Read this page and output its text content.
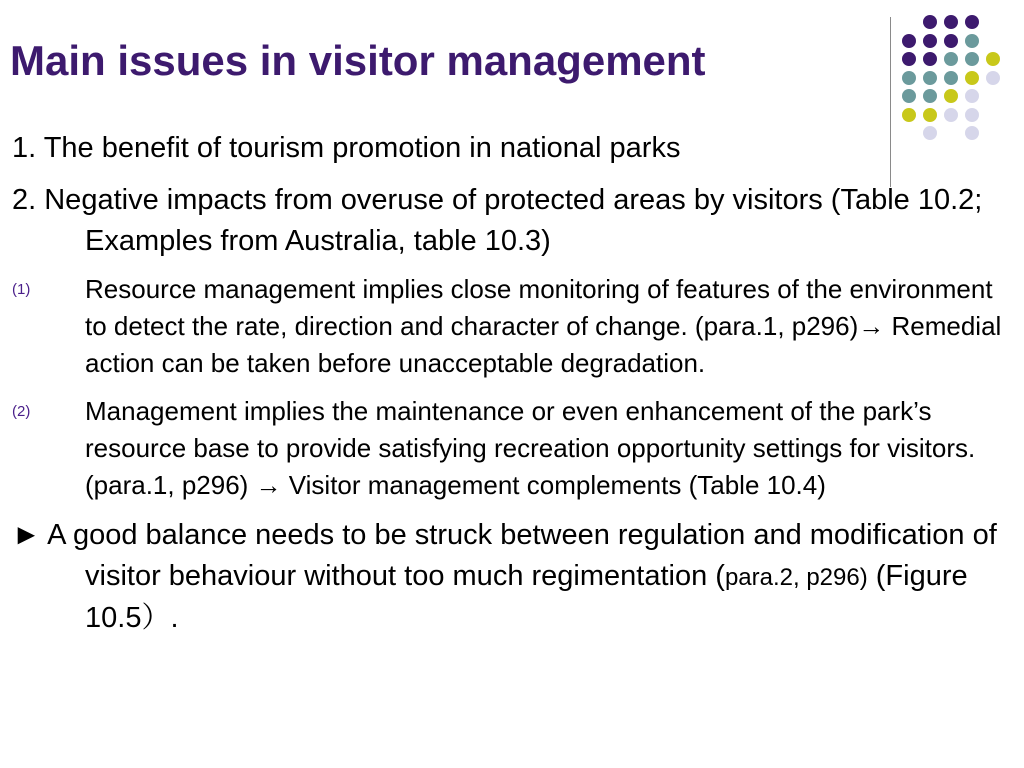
Main issues in visitor management
1. The benefit of tourism promotion in national parks
2. Negative impacts from overuse of protected areas by visitors (Table 10.2; Examples from Australia, table 10.3)
(1) Resource management implies close monitoring of features of the environment to detect the rate, direction and character of change. (para.1, p296)→ Remedial action can be taken before unacceptable degradation.
(2) Management implies the maintenance or even enhancement of the park’s resource base to provide satisfying recreation opportunity settings for visitors. (para.1, p296) → Visitor management complements (Table 10.4)
► A good balance needs to be struck between regulation and modification of visitor behaviour without too much regimentation (para.2, p296) (Figure 10.5）.
